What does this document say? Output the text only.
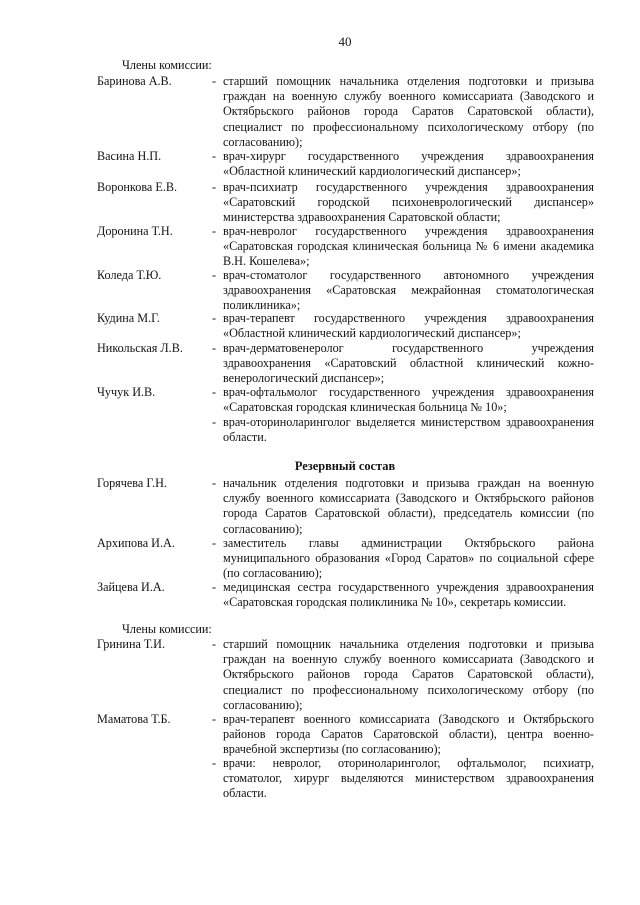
40
Члены комиссии:
Баринова А.В.	- старший помощник начальника отделения подготовки и призыва граждан на военную службу военного комиссариата (Заводского и Октябрьского районов города Саратов Саратовской области), специалист по профессиональному психологическому отбору (по согласованию);
Васина Н.П.	- врач-хирург государственного учреждения здравоохранения «Областной клинический кардиологический диспансер»;
Воронкова Е.В.	- врач-психиатр государственного учреждения здравоохранения «Саратовский городской психоневрологический диспансер» министерства здравоохранения Саратовской области;
Доронина Т.Н.	- врач-невролог государственного учреждения здравоохранения «Саратовская городская клиническая больница № 6 имени академика В.Н. Кошелева»;
Коледа Т.Ю.	- врач-стоматолог государственного автономного учреждения здравоохранения «Саратовская межрайонная стоматологическая поликлиника»;
Кудина М.Г.	- врач-терапевт государственного учреждения здравоохранения «Областной клинический кардиологический диспансер»;
Никольская Л.В. - врач-дерматовенеролог государственного учреждения здравоохранения «Саратовский областной клинический кожно-венерологический диспансер»;
Чучук И.В.	- врач-офтальмолог государственного учреждения здравоохранения «Саратовская городская клиническая больница № 10»;
- врач-оториноларинголог выделяется министерством здравоохранения области.
Резервный состав
Горячева Г.Н.	- начальник отделения подготовки и призыва граждан на военную службу военного комиссариата (Заводского и Октябрьского районов города Саратов Саратовской области), председатель комиссии (по согласованию);
Архипова И.А.	- заместитель главы администрации Октябрьского района муниципального образования «Город Саратов» по социальной сфере (по согласованию);
Зайцева И.А.	- медицинская сестра государственного учреждения здравоохранения «Саратовская городская поликлиника № 10», секретарь комиссии.
Члены комиссии:
Гринина Т.И.	- старший помощник начальника отделения подготовки и призыва граждан на военную службу военного комиссариата (Заводского и Октябрьского районов города Саратов Саратовской области), специалист по профессиональному психологическому отбору (по согласованию);
Маматова Т.Б.	- врач-терапевт военного комиссариата (Заводского и Октябрьского районов города Саратов Саратовской области), центра военно-врачебной экспертизы (по согласованию);
- врачи: невролог, оториноларинголог, офтальмолог, психиатр, стоматолог, хирург выделяются министерством здравоохранения области.
